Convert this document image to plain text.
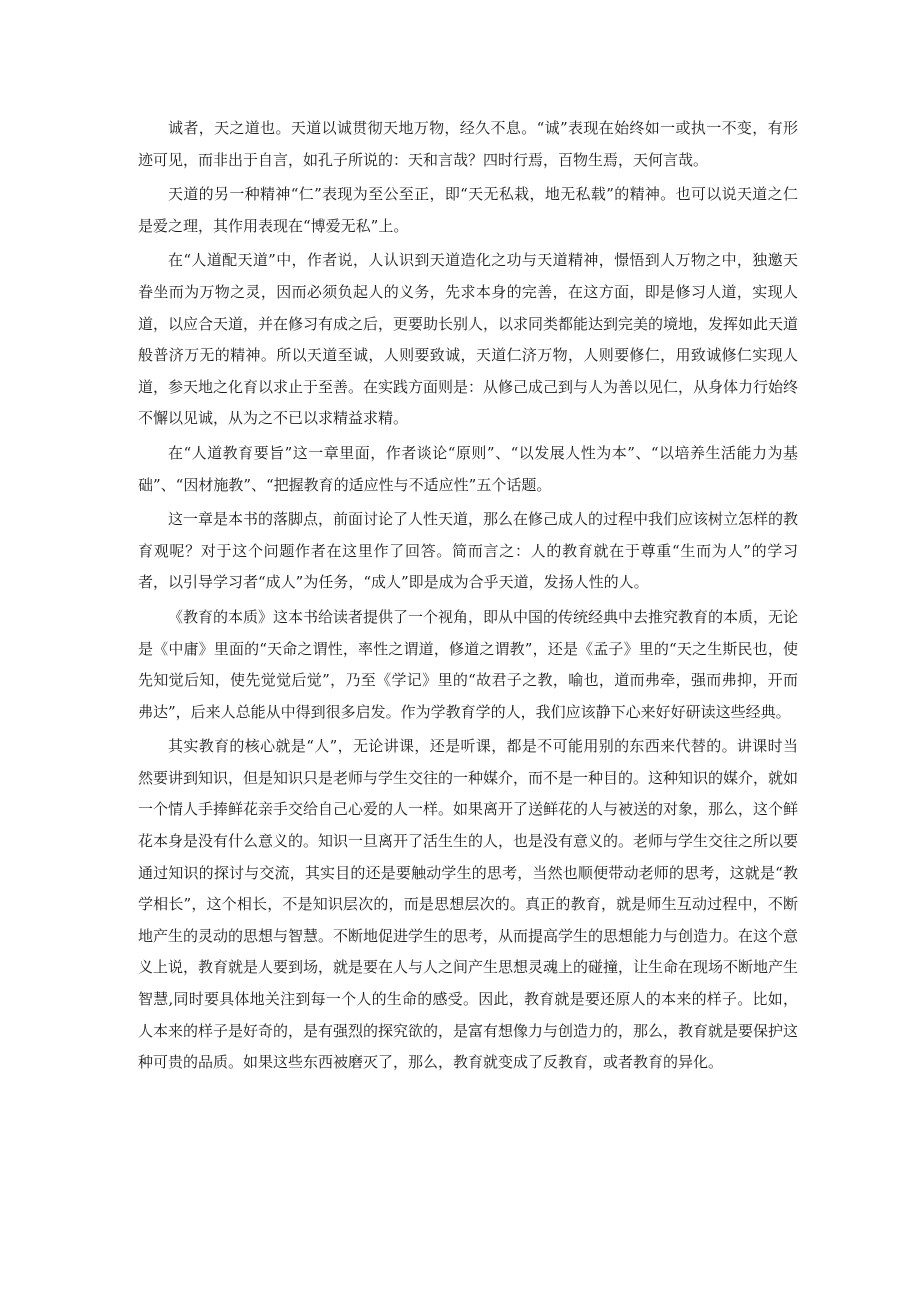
诚者，天之道也。天道以诚贯彻天地万物，经久不息。“诚”表现在始终如一或执一不变，有形迹可见，而非出于自言，如孔子所说的：天和言哉？四时行焉，百物生焉，天何言哉。

天道的另一种精神“仁”表现为至公至正，即“天无私栽，地无私载”的精神。也可以说天道之仁是爱之理，其作用表现在“博爱无私”上。

在“人道配天道”中，作者说，人认识到天道造化之功与天道精神，憬悟到人万物之中，独邀天眷坐而为万物之灵，因而必须负起人的义务，先求本身的完善，在这方面，即是修习人道，实现人道，以应合天道，并在修习有成之后，更要助长别人，以求同类都能达到完美的境地，发挥如此天道般普济万无的精神。所以天道至诚，人则要致诚，天道仁济万物，人则要修仁，用致诚修仁实现人道，参天地之化育以求止于至善。在实践方面则是：从修己成己到与人为善以见仁，从身体力行始终不懈以见诚，从为之不已以求精益求精。

在“人道教育要旨”这一章里面，作者谈论“原则”、“以发展人性为本”、“以培养生活能力为基础”、“因材施教”、“把握教育的适应性与不适应性”五个话题。

这一章是本书的落脚点，前面讨论了人性天道，那么在修己成人的过程中我们应该树立怎样的教育观呢？对于这个问题作者在这里作了回答。简而言之：人的教育就在于尊重“生而为人”的学习者，以引导学习者“成人”为任务，“成人”即是成为合乎天道，发扬人性的人。

《教育的本质》这本书给读者提供了一个视角，即从中国的传统经典中去推究教育的本质，无论是《中庸》里面的“天命之谓性，率性之谓道，修道之谓教”，还是《孟子》里的“天之生斯民也，使先知觉后知，使先觉觉后觉”，乃至《学记》里的“故君子之教，喻也，道而弗牵，强而弗抑，开而弗达”，后来人总能从中得到很多启发。作为学教育学的人，我们应该静下心来好好研读这些经典。

其实教育的核心就是“人”，无论讲课，还是听课，都是不可能用别的东西来代替的。讲课时当然要讲到知识，但是知识只是老师与学生交往的一种媒介，而不是一种目的。这种知识的媒介，就如一个情人手捧鲜花亲手交给自己心爱的人一样。如果离开了送鲜花的人与被送的对象，那么，这个鲜花本身是没有什么意义的。知识一旦离开了活生生的人，也是没有意义的。老师与学生交往之所以要通过知识的探讨与交流，其实目的还是要触动学生的思考，当然也顺便带动老师的思考，这就是“教学相长”，这个相长，不是知识层次的，而是思想层次的。真正的教育，就是师生互动过程中，不断地产生的灵动的思想与智慧。不断地促进学生的思考，从而提高学生的思想能力与创造力。在这个意义上说，教育就是人要到场，就是要在人与人之间产生思想灵魂上的碰撞，让生命在现场不断地产生智慧,同时要具体地关注到每一个人的生命的感受。因此，教育就是要还原人的本来的样子。比如，人本来的样子是好奇的，是有强烈的探究欲的，是富有想像力与创造力的，那么，教育就是要保护这种可贵的品质。如果这些东西被磨灭了，那么，教育就变成了反教育，或者教育的异化。
